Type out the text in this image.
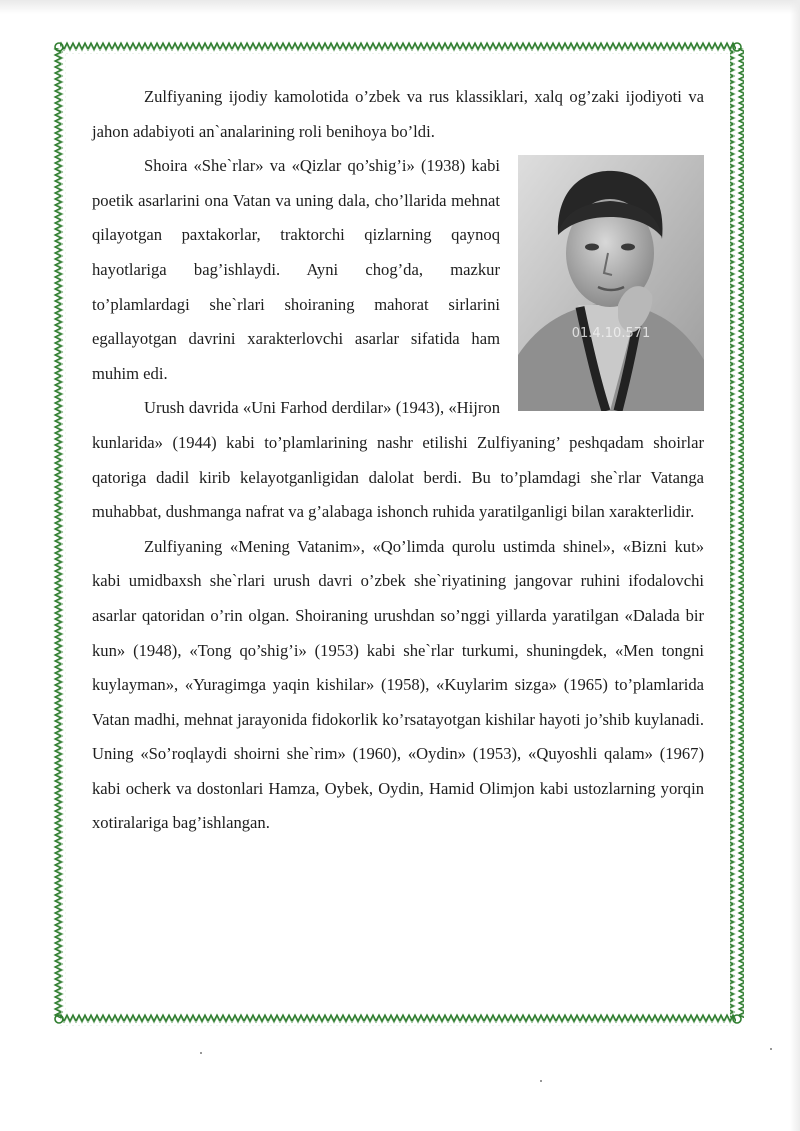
Zulfiyaning ijodiy kamolotida o’zbek va rus klassiklari, xalq og’zaki ijodiyoti va jahon adabiyoti an`analarining roli benihoya bo’ldi.

01.4.10.571

Shoira «She`rlar» va «Qizlar qo’shig’i» (1938) kabi poetik asarlarini ona Vatan va uning dala, cho’llarida mehnat qilayotgan paxtakorlar, traktorchi qizlarning qaynoq hayotlariga bag’ishlaydi. Ayni chog’da, mazkur to’plamlardagi she`rlari shoiraning mahorat sirlarini egallayotgan davrini xarakterlovchi asarlar sifatida ham muhim edi.

Urush davrida «Uni Farhod derdilar» (1943), «Hijron kunlarida» (1944) kabi to’plamlarining nashr etilishi Zulfiyaning’ peshqadam shoirlar qatoriga dadil kirib kelayotganligidan dalolat berdi. Bu to’plamdagi she`rlar Vatanga muhabbat, dushmanga nafrat va g’alabaga ishonch ruhida yaratilganligi bilan xarakterlidir.

Zulfiyaning «Mening Vatanim», «Qo’limda qurolu ustimda shinel», «Bizni kut» kabi umidbaxsh she`rlari urush davri o’zbek she`riyatining jangovar ruhini ifodalovchi asarlar qatoridan o’rin olgan. Shoiraning urushdan so’nggi yillarda yaratilgan «Dalada bir kun» (1948), «Tong qo’shig’i» (1953) kabi she`rlar turkumi, shuningdek, «Men tongni kuylayman», «Yuragimga yaqin kishilar» (1958), «Kuylarim sizga» (1965) to’plamlarida Vatan madhi, mehnat jarayonida fidokorlik ko’rsatayotgan kishilar hayoti jo’shib kuylanadi. Uning «So’roqlaydi shoirni she`rim» (1960), «Oydin» (1953), «Quyoshli qalam» (1967) kabi ocherk va dostonlari Hamza, Oybek, Oydin, Hamid Olimjon kabi ustozlarning yorqin xotiralariga bag’ishlangan.
